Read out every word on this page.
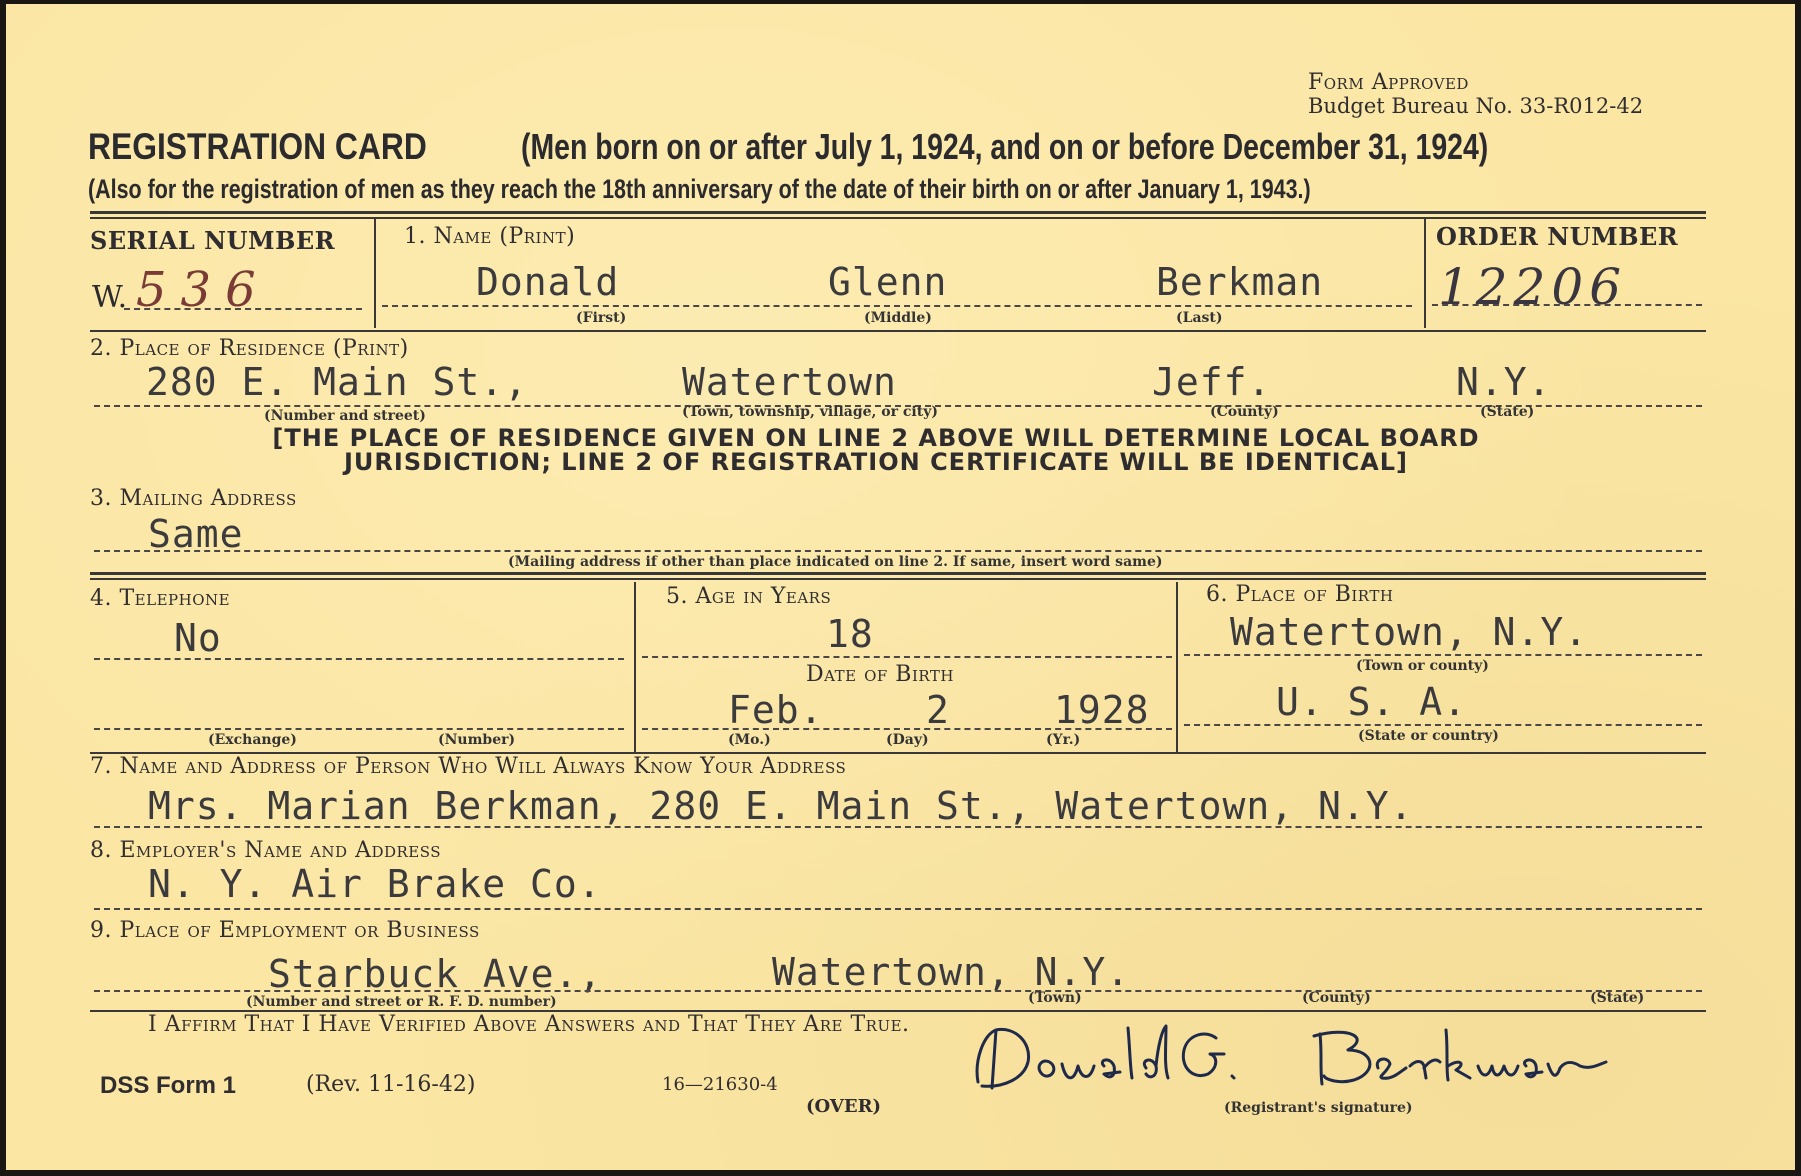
Form Approved
Budget Bureau No. 33-R012-42
REGISTRATION CARD	(Men born on or after July 1, 1924, and on or before December 31, 1924)
(Also for the registration of men as they reach the 18th anniversary of the date of their birth on or after January 1, 1943.)
SERIAL NUMBER
W. 536
1. Name (Print)
Donald	Glenn	Berkman
(First)	(Middle)	(Last)
ORDER NUMBER
12206
2. Place of Residence (Print)
280 E. Main St.,	Watertown	Jeff.	N.Y.
(Number and street)	(Town, township, village, or city)	(County)	(State)
[THE PLACE OF RESIDENCE GIVEN ON LINE 2 ABOVE WILL DETERMINE LOCAL BOARD
JURISDICTION; LINE 2 OF REGISTRATION CERTIFICATE WILL BE IDENTICAL]
3. Mailing Address
Same
(Mailing address if other than place indicated on line 2. If same, insert word same)
4. Telephone
No
(Exchange)	(Number)
5. Age in Years
18
Date of Birth
Feb.	2	1928
(Mo.)	(Day)	(Yr.)
6. Place of Birth
Watertown, N.Y.
(Town or county)
U. S. A.
(State or country)
7. Name and Address of Person Who Will Always Know Your Address
Mrs. Marian Berkman, 280 E. Main St., Watertown, N.Y.
8. Employer's Name and Address
N. Y. Air Brake Co.
9. Place of Employment or Business
Starbuck Ave.,	Watertown, N.Y.
(Number and street or R. F. D. number)	(Town)	(County)	(State)
I Affirm That I Have Verified Above Answers and That They Are True.
DSS Form 1	(Rev. 11-16-42)	16—21630-4
(OVER)	(Registrant's signature)
